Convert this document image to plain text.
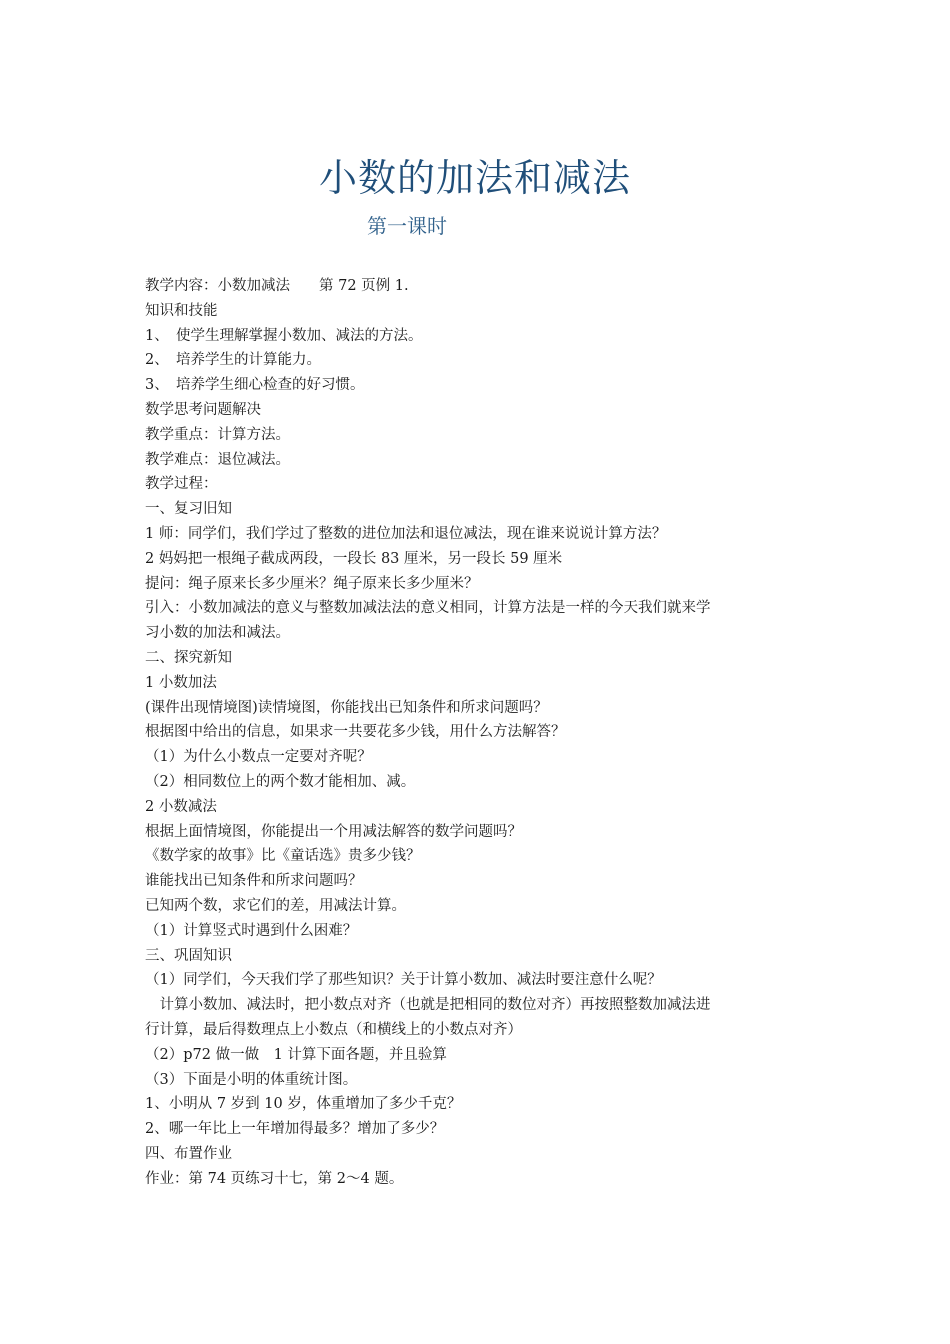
小数的加法和减法
第一课时
教学内容：小数加减法　　第 72 页例 1.
知识和技能
1、　使学生理解掌握小数加、减法的方法。
2、　培养学生的计算能力。
3、　培养学生细心检查的好习惯。
数学思考问题解决
教学重点：计算方法。
教学难点：退位减法。
教学过程：
一、复习旧知
1 师：同学们，我们学过了整数的进位加法和退位减法，现在谁来说说计算方法？
2 妈妈把一根绳子截成两段，一段长 83 厘米，另一段长 59 厘米
提问：绳子原来长多少厘米？绳子原来长多少厘米？
引入：小数加减法的意义与整数加减法法的意义相同，计算方法是一样的今天我们就来学
习小数的加法和减法。
二、探究新知
1 小数加法
(课件出现情境图)读情境图，你能找出已知条件和所求问题吗？
根据图中给出的信息，如果求一共要花多少钱，用什么方法解答？
（1）为什么小数点一定要对齐呢？
（2）相同数位上的两个数才能相加、减。
2 小数减法
根据上面情境图，你能提出一个用减法解答的数学问题吗？
《数学家的故事》比《童话选》贵多少钱？
谁能找出已知条件和所求问题吗？
已知两个数，求它们的差，用减法计算。
（1）计算竖式时遇到什么困难？
三、巩固知识
（1）同学们，今天我们学了那些知识？关于计算小数加、减法时要注意什么呢？
　计算小数加、减法时，把小数点对齐（也就是把相同的数位对齐）再按照整数加减法进
行计算，最后得数理点上小数点（和横线上的小数点对齐）
（2）p72 做一做　1 计算下面各题，并且验算
（3）下面是小明的体重统计图。
1、小明从 7 岁到 10 岁，体重增加了多少千克？
2、哪一年比上一年增加得最多？增加了多少？
四、布置作业
作业：第 74 页练习十七，第 2～4 题。
